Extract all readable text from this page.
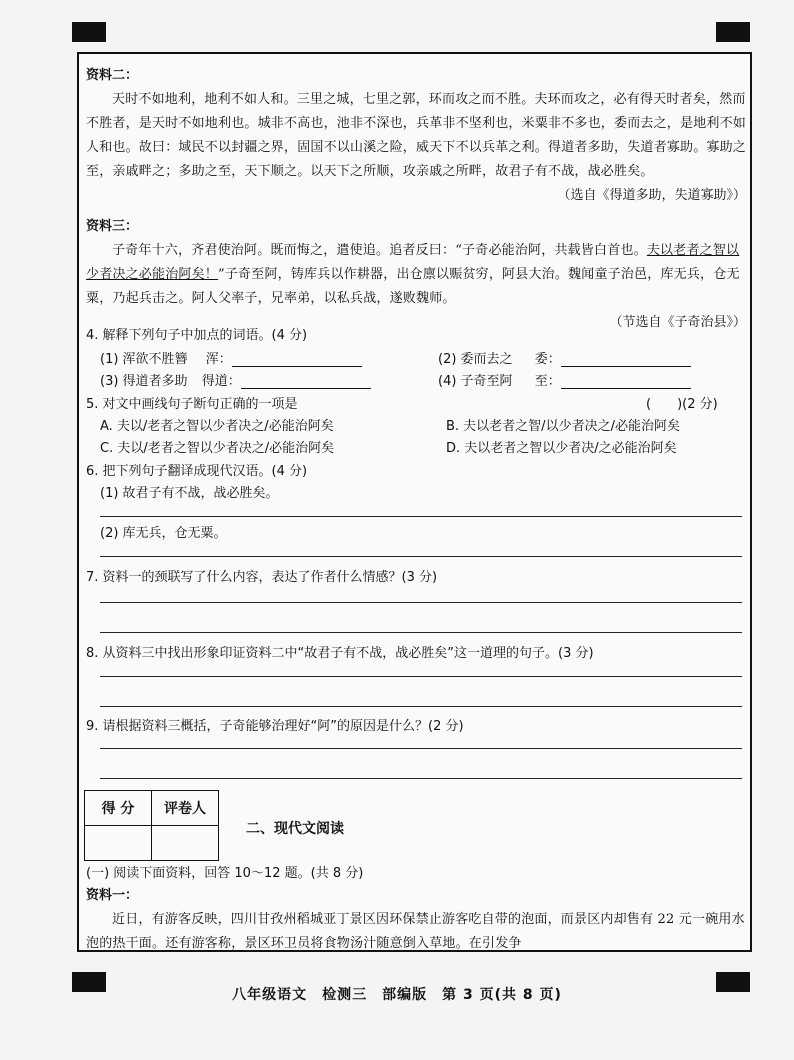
资料二：
天时不如地利，地利不如人和。三里之城，七里之郭，环而攻之而不胜。夫环而攻之，必有得天时者矣，然而不胜者，是天时不如地利也。城非不高也，池非不深也，兵革非不坚利也，米粟非不多也，委而去之，是地利不如人和也。故曰：域民不以封疆之界，固国不以山溪之险，威天下不以兵革之利。得道者多助，失道者寡助。寡助之至，亲戚畔之；多助之至，天下顺之。以天下之所顺，攻亲戚之所畔，故君子有不战，战必胜矣。
（选自《得道多助，失道寡助》）
资料三：
子奇年十六，齐君使治阿。既而悔之，遣使追。追者反曰：“子奇必能治阿，共载皆白首也。夫以老者之智以少者决之必能治阿矣！”子奇至阿，铸库兵以作耕器，出仓廪以赈贫穷，阿县大治。魏闻童子治邑，库无兵，仓无粟，乃起兵击之。阿人父率子，兄率弟，以私兵战，遂败魏师。
（节选自《子奇治县》）
4. 解释下列句子中加点的词语。(4 分)
(1) 浑欲不胜簪 浑：	(2) 委而去之 委：
(3) 得道者多助 得道：	(4) 子奇至阿 至：
5. 对文中画线句子断句正确的一项是	(　　)(2 分)
A. 夫以/老者之智以少者决之/必能治阿矣	B. 夫以老者之智/以少者决之/必能治阿矣
C. 夫以/老者之智以少者决之/必能治阿矣	D. 夫以老者之智以少者决/之必能治阿矣
6. 把下列句子翻译成现代汉语。(4 分)
(1) 故君子有不战，战必胜矣。
(2) 库无兵，仓无粟。
7. 资料一的颈联写了什么内容，表达了作者什么情感？(3 分)
8. 从资料三中找出形象印证资料二中“故君子有不战，战必胜矣”这一道理的句子。(3 分)
9. 请根据资料三概括，子奇能够治理好“阿”的原因是什么？(2 分)
得 分	评卷人

二、现代文阅读
(一) 阅读下面资料，回答 10～12 题。(共 8 分)
资料一：
近日，有游客反映，四川甘孜州稻城亚丁景区因环保禁止游客吃自带的泡面，而景区内却售有 22 元一碗用水泡的热干面。还有游客称，景区环卫员将食物汤汁随意倒入草地。在引发争
八年级语文　检测三　部编版　第 3 页(共 8 页)
